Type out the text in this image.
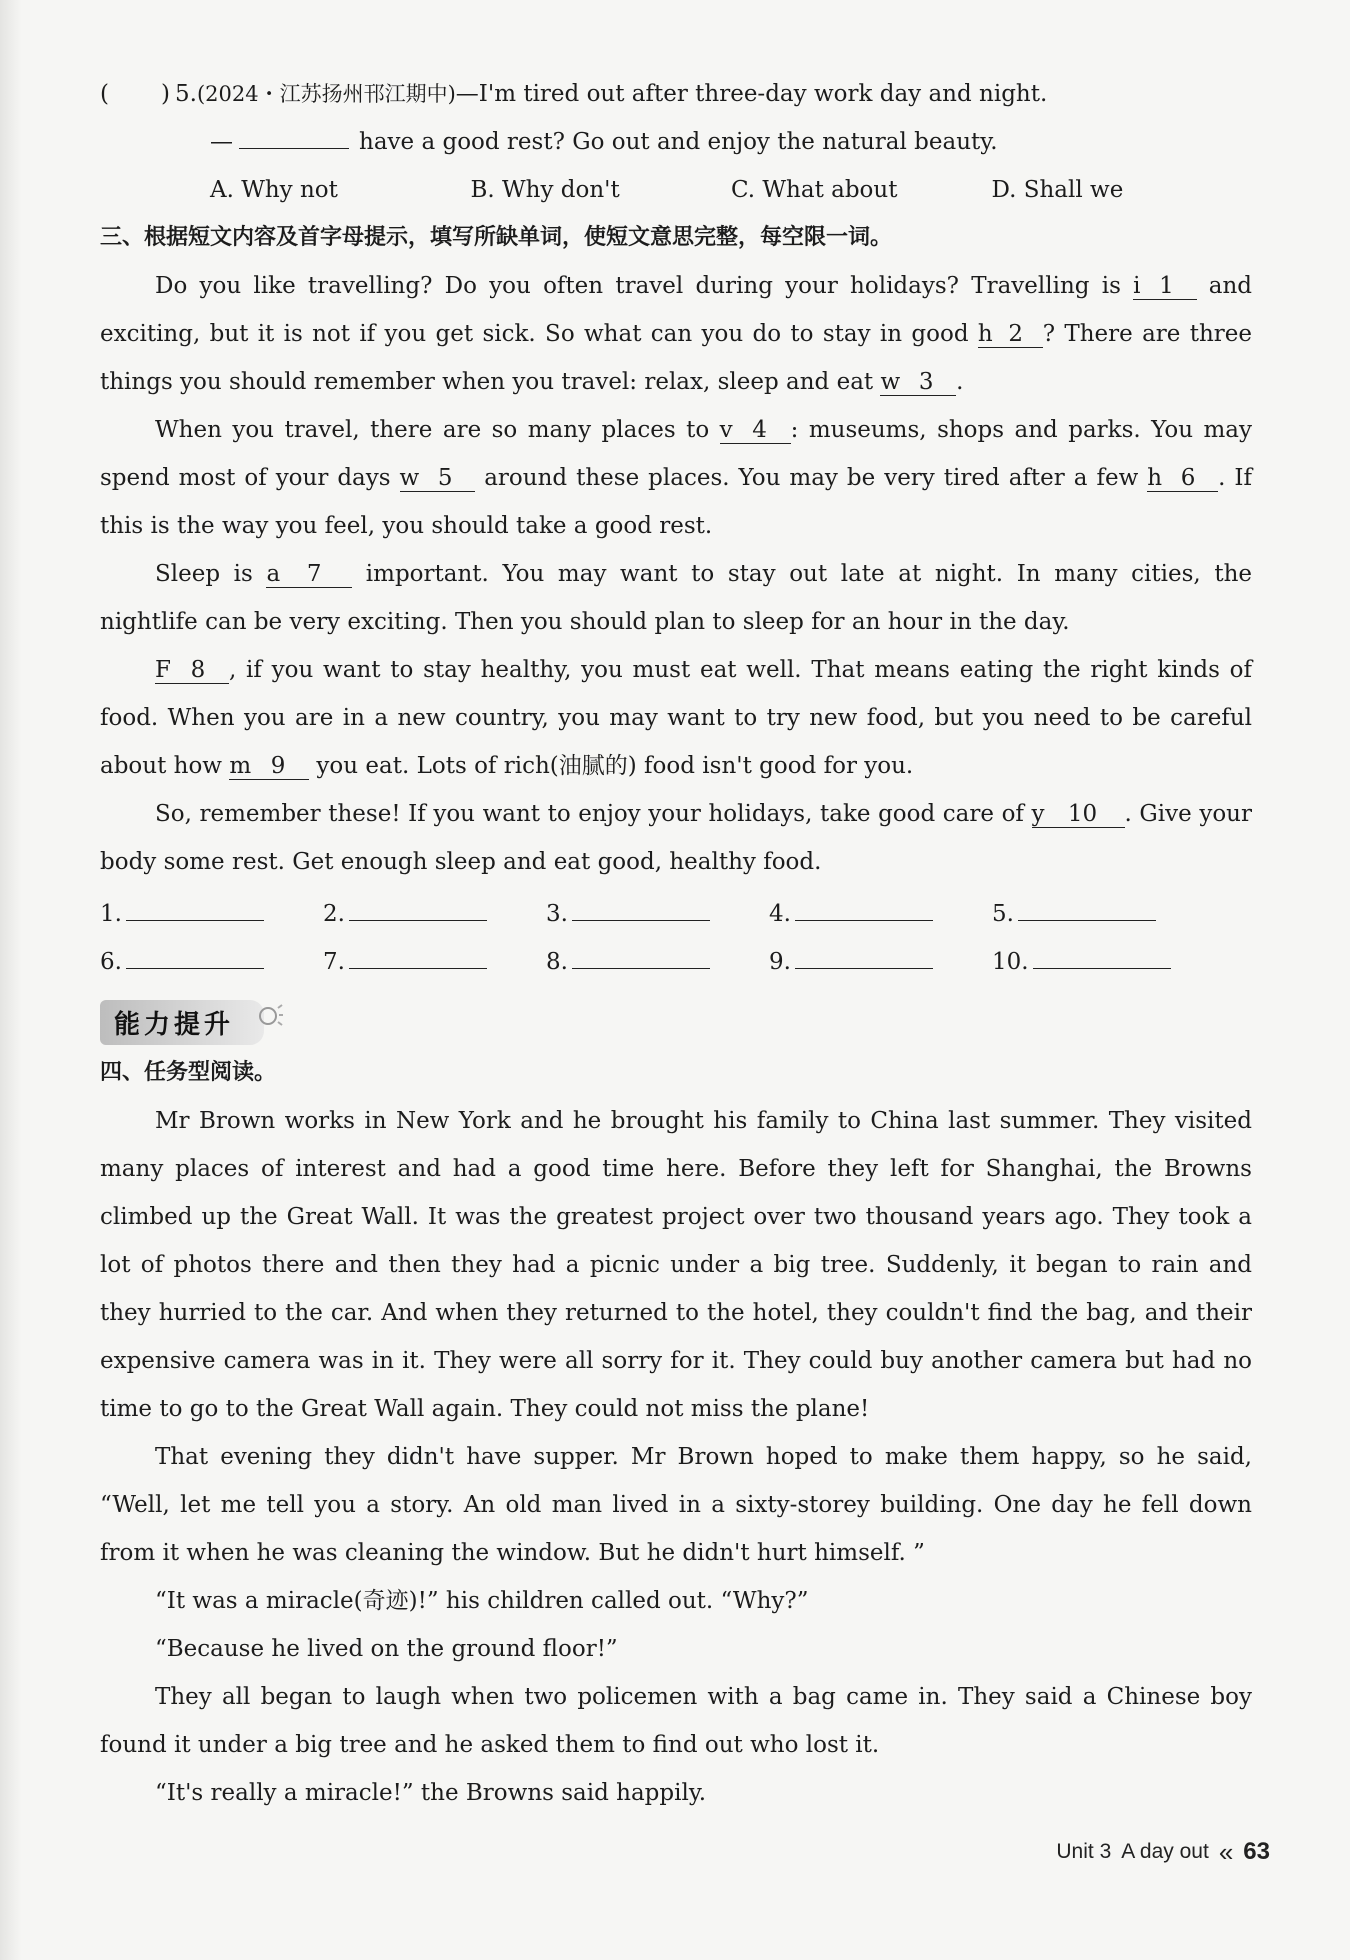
( ) 5. (2024・江苏扬州邗江期中) —I'm tired out after three-day work day and night.
—	have a good rest? Go out and enjoy the natural beauty.
A. Why not	B. Why don't	C. What about	D. Shall we
三、根据短文内容及首字母提示，填写所缺单词，使短文意思完整，每空限一词。

Do you like travelling? Do you often travel during your holidays? Travelling is i 1 and exciting, but it is not if you get sick. So what can you do to stay in good h 2 ? There are three things you should remember when you travel: relax, sleep and eat w 3 .

When you travel, there are so many places to v 4 : museums, shops and parks. You may spend most of your days w 5 around these places. You may be very tired after a few h 6 . If this is the way you feel, you should take a good rest.

Sleep is a 7 important. You may want to stay out late at night. In many cities, the nightlife can be very exciting. Then you should plan to sleep for an hour in the day.

F 8 , if you want to stay healthy, you must eat well. That means eating the right kinds of food. When you are in a new country, you may want to try new food, but you need to be careful about how m 9 you eat. Lots of rich(油腻的) food isn't good for you.

So, remember these! If you want to enjoy your holidays, take good care of y 10 . Give your body some rest. Get enough sleep and eat good, healthy food.

1.	2.	3.	4.	5.
6.	7.	8.	9.	10.
能力提升
四、任务型阅读。

Mr Brown works in New York and he brought his family to China last summer. They visited many places of interest and had a good time here. Before they left for Shanghai, the Browns climbed up the Great Wall. It was the greatest project over two thousand years ago. They took a lot of photos there and then they had a picnic under a big tree. Suddenly, it began to rain and they hurried to the car. And when they returned to the hotel, they couldn't find the bag, and their expensive camera was in it. They were all sorry for it. They could buy another camera but had no time to go to the Great Wall again. They could not miss the plane!

That evening they didn't have supper. Mr Brown hoped to make them happy, so he said, “Well, let me tell you a story. An old man lived in a sixty-storey building. One day he fell down from it when he was cleaning the window. But he didn't hurt himself. ”

“It was a miracle(奇迹)!” his children called out. “Why?”

“Because he lived on the ground floor!”

They all began to laugh when two policemen with a bag came in. They said a Chinese boy found it under a big tree and he asked them to find out who lost it.

“It's really a miracle!” the Browns said happily.

Unit 3 A day out « 63
